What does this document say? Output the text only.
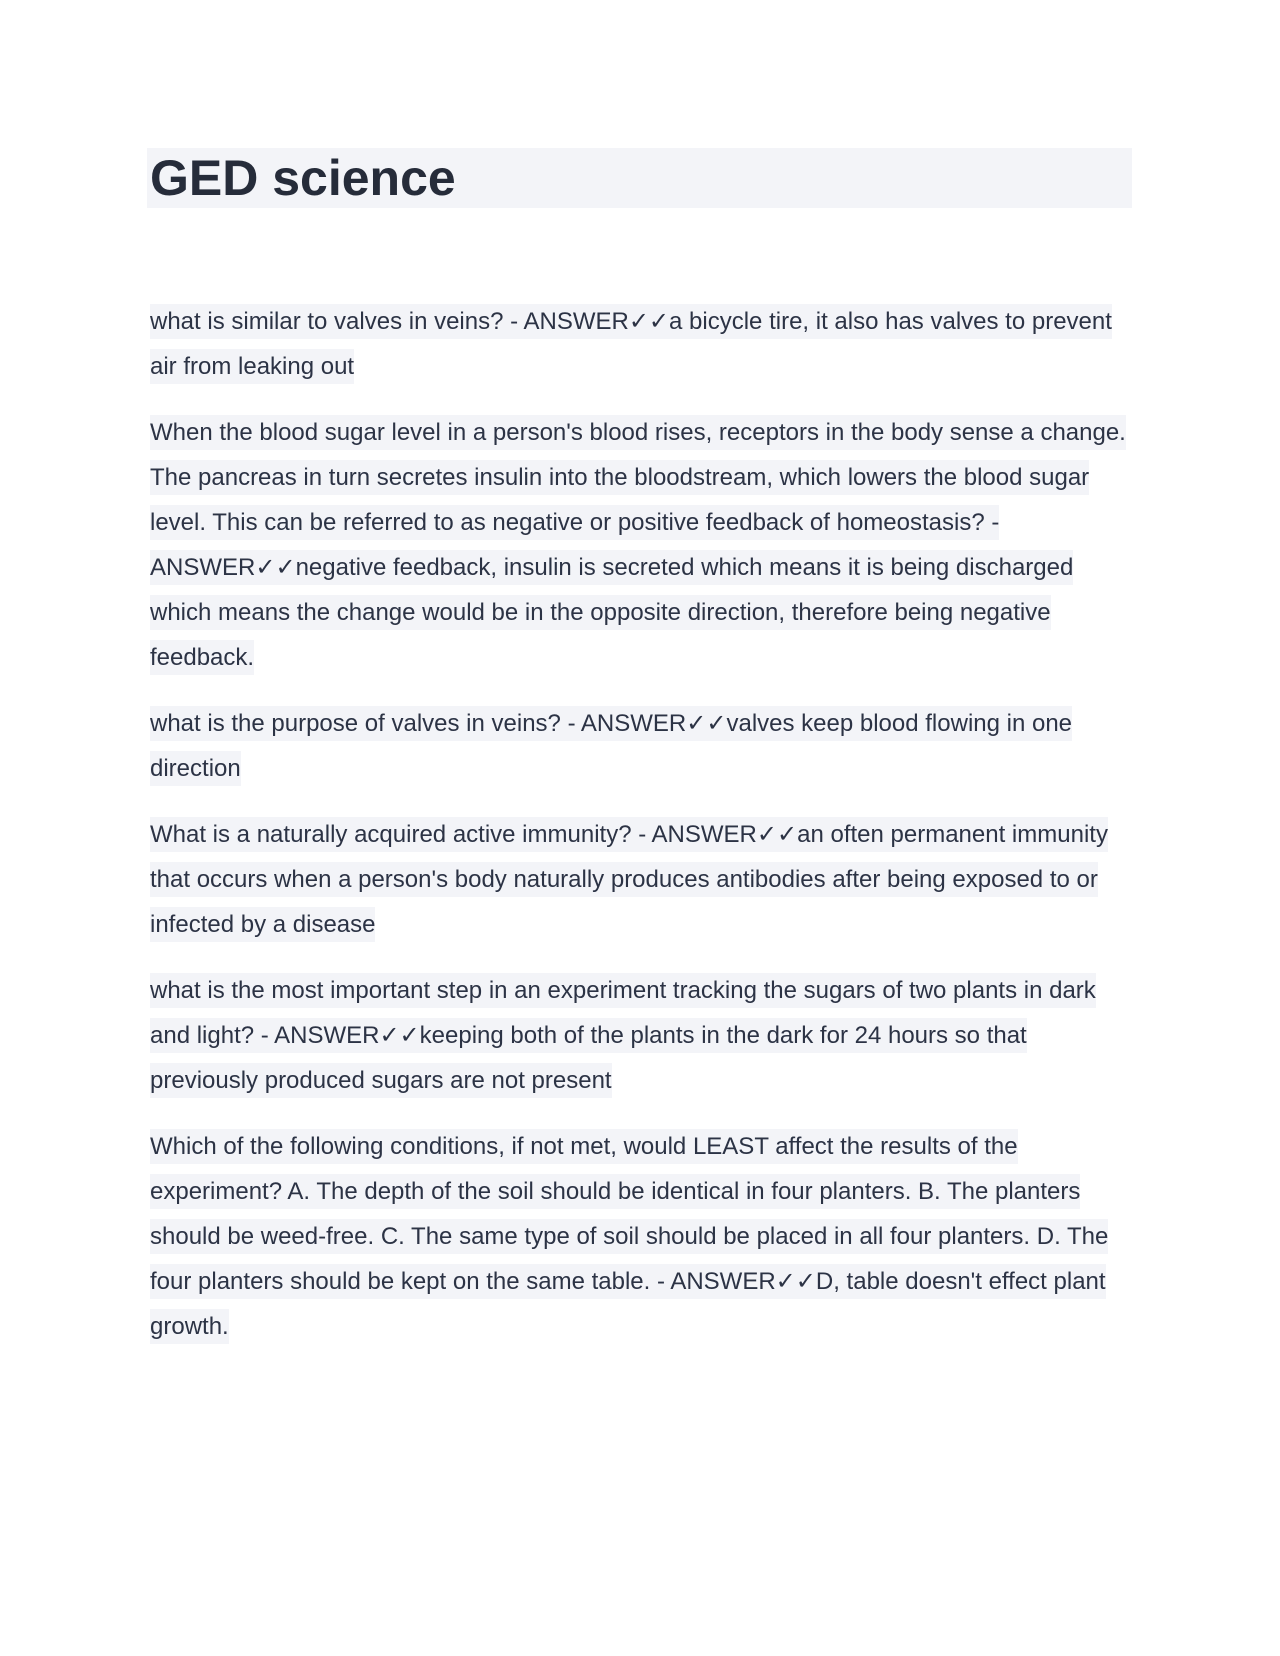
GED science

what is similar to valves in veins? - ANSWER✓✓a bicycle tire, it also has valves to prevent air from leaking out

When the blood sugar level in a person's blood rises, receptors in the body sense a change. The pancreas in turn secretes insulin into the bloodstream, which lowers the blood sugar level. This can be referred to as negative or positive feedback of homeostasis? - ANSWER✓✓negative feedback, insulin is secreted which means it is being discharged which means the change would be in the opposite direction, therefore being negative feedback.

what is the purpose of valves in veins? - ANSWER✓✓valves keep blood flowing in one direction

What is a naturally acquired active immunity? - ANSWER✓✓an often permanent immunity that occurs when a person's body naturally produces antibodies after being exposed to or infected by a disease

what is the most important step in an experiment tracking the sugars of two plants in dark and light? - ANSWER✓✓keeping both of the plants in the dark for 24 hours so that previously produced sugars are not present

Which of the following conditions, if not met, would LEAST affect the results of the experiment? A. The depth of the soil should be identical in four planters. B. The planters should be weed-free. C. The same type of soil should be placed in all four planters. D. The four planters should be kept on the same table. - ANSWER✓✓D, table doesn't effect plant growth.
